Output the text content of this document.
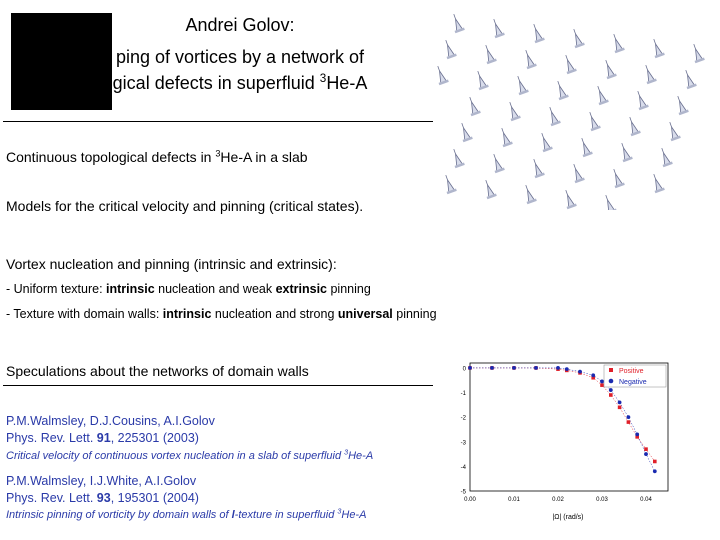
Andrei Golov:
ping of vortices by a network of
gical defects in superfluid $^3$He-A
Continuous topological defects in $^3$He-A in a slab
Models for the critical velocity and pinning (critical states).
Vortex nucleation and pinning (intrinsic and extrinsic):
- Uniform texture: intrinsic nucleation and weak extrinsic pinning
- Texture with domain walls: intrinsic nucleation and strong universal pinning
Speculations about the networks of domain walls
P.M.Walmsley, D.J.Cousins, A.I.Golov
Phys. Rev. Lett. 91, 225301 (2003)
Critical velocity of continuous vortex nucleation in a slab of superfluid $^3$He-A
P.M.Walmsley, I.J.White, A.I.Golov
Phys. Rev. Lett. 93, 195301 (2004)
Intrinsic pinning of vorticity by domain walls of l-texture in superfluid $^3$He-A
0
-1
-2
-3
-4
-5
0.00	0.01	0.02	0.03	0.04
Positive
Negative
|Ω| (rad/s)
